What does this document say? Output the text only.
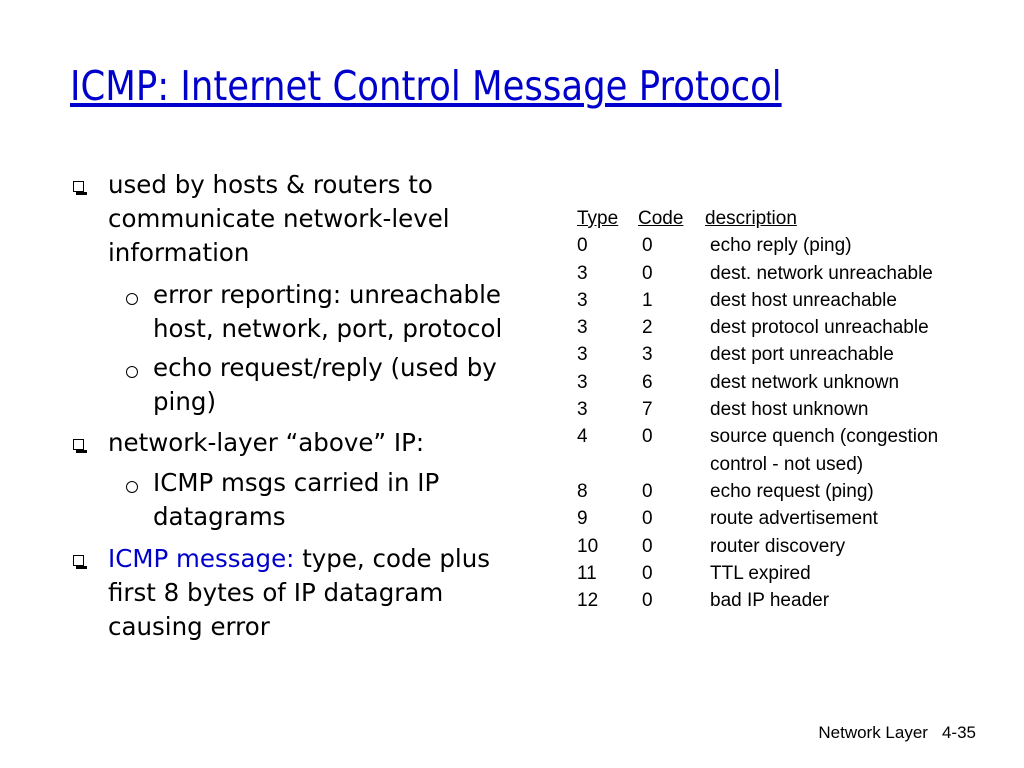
ICMP: Internet Control Message Protocol
used by hosts & routers to
communicate network-level
information
error reporting: unreachable
host, network, port, protocol
echo request/reply (used by
ping)
network-layer “above” IP:
ICMP msgs carried in IP
datagrams
ICMP message: type, code plus
first 8 bytes of IP datagram
causing error
Type Code description
0	0	echo reply (ping)
3	0	dest. network unreachable
3	1	dest host unreachable
3	2	dest protocol unreachable
3	3	dest port unreachable
3	6	dest network unknown
3	7	dest host unknown
4	0	source quench (congestion
control - not used)
8	0	echo request (ping)
9	0	route advertisement
10 0	router discovery
11 0	TTL expired
12 0	bad IP header
Network Layer 4-35
